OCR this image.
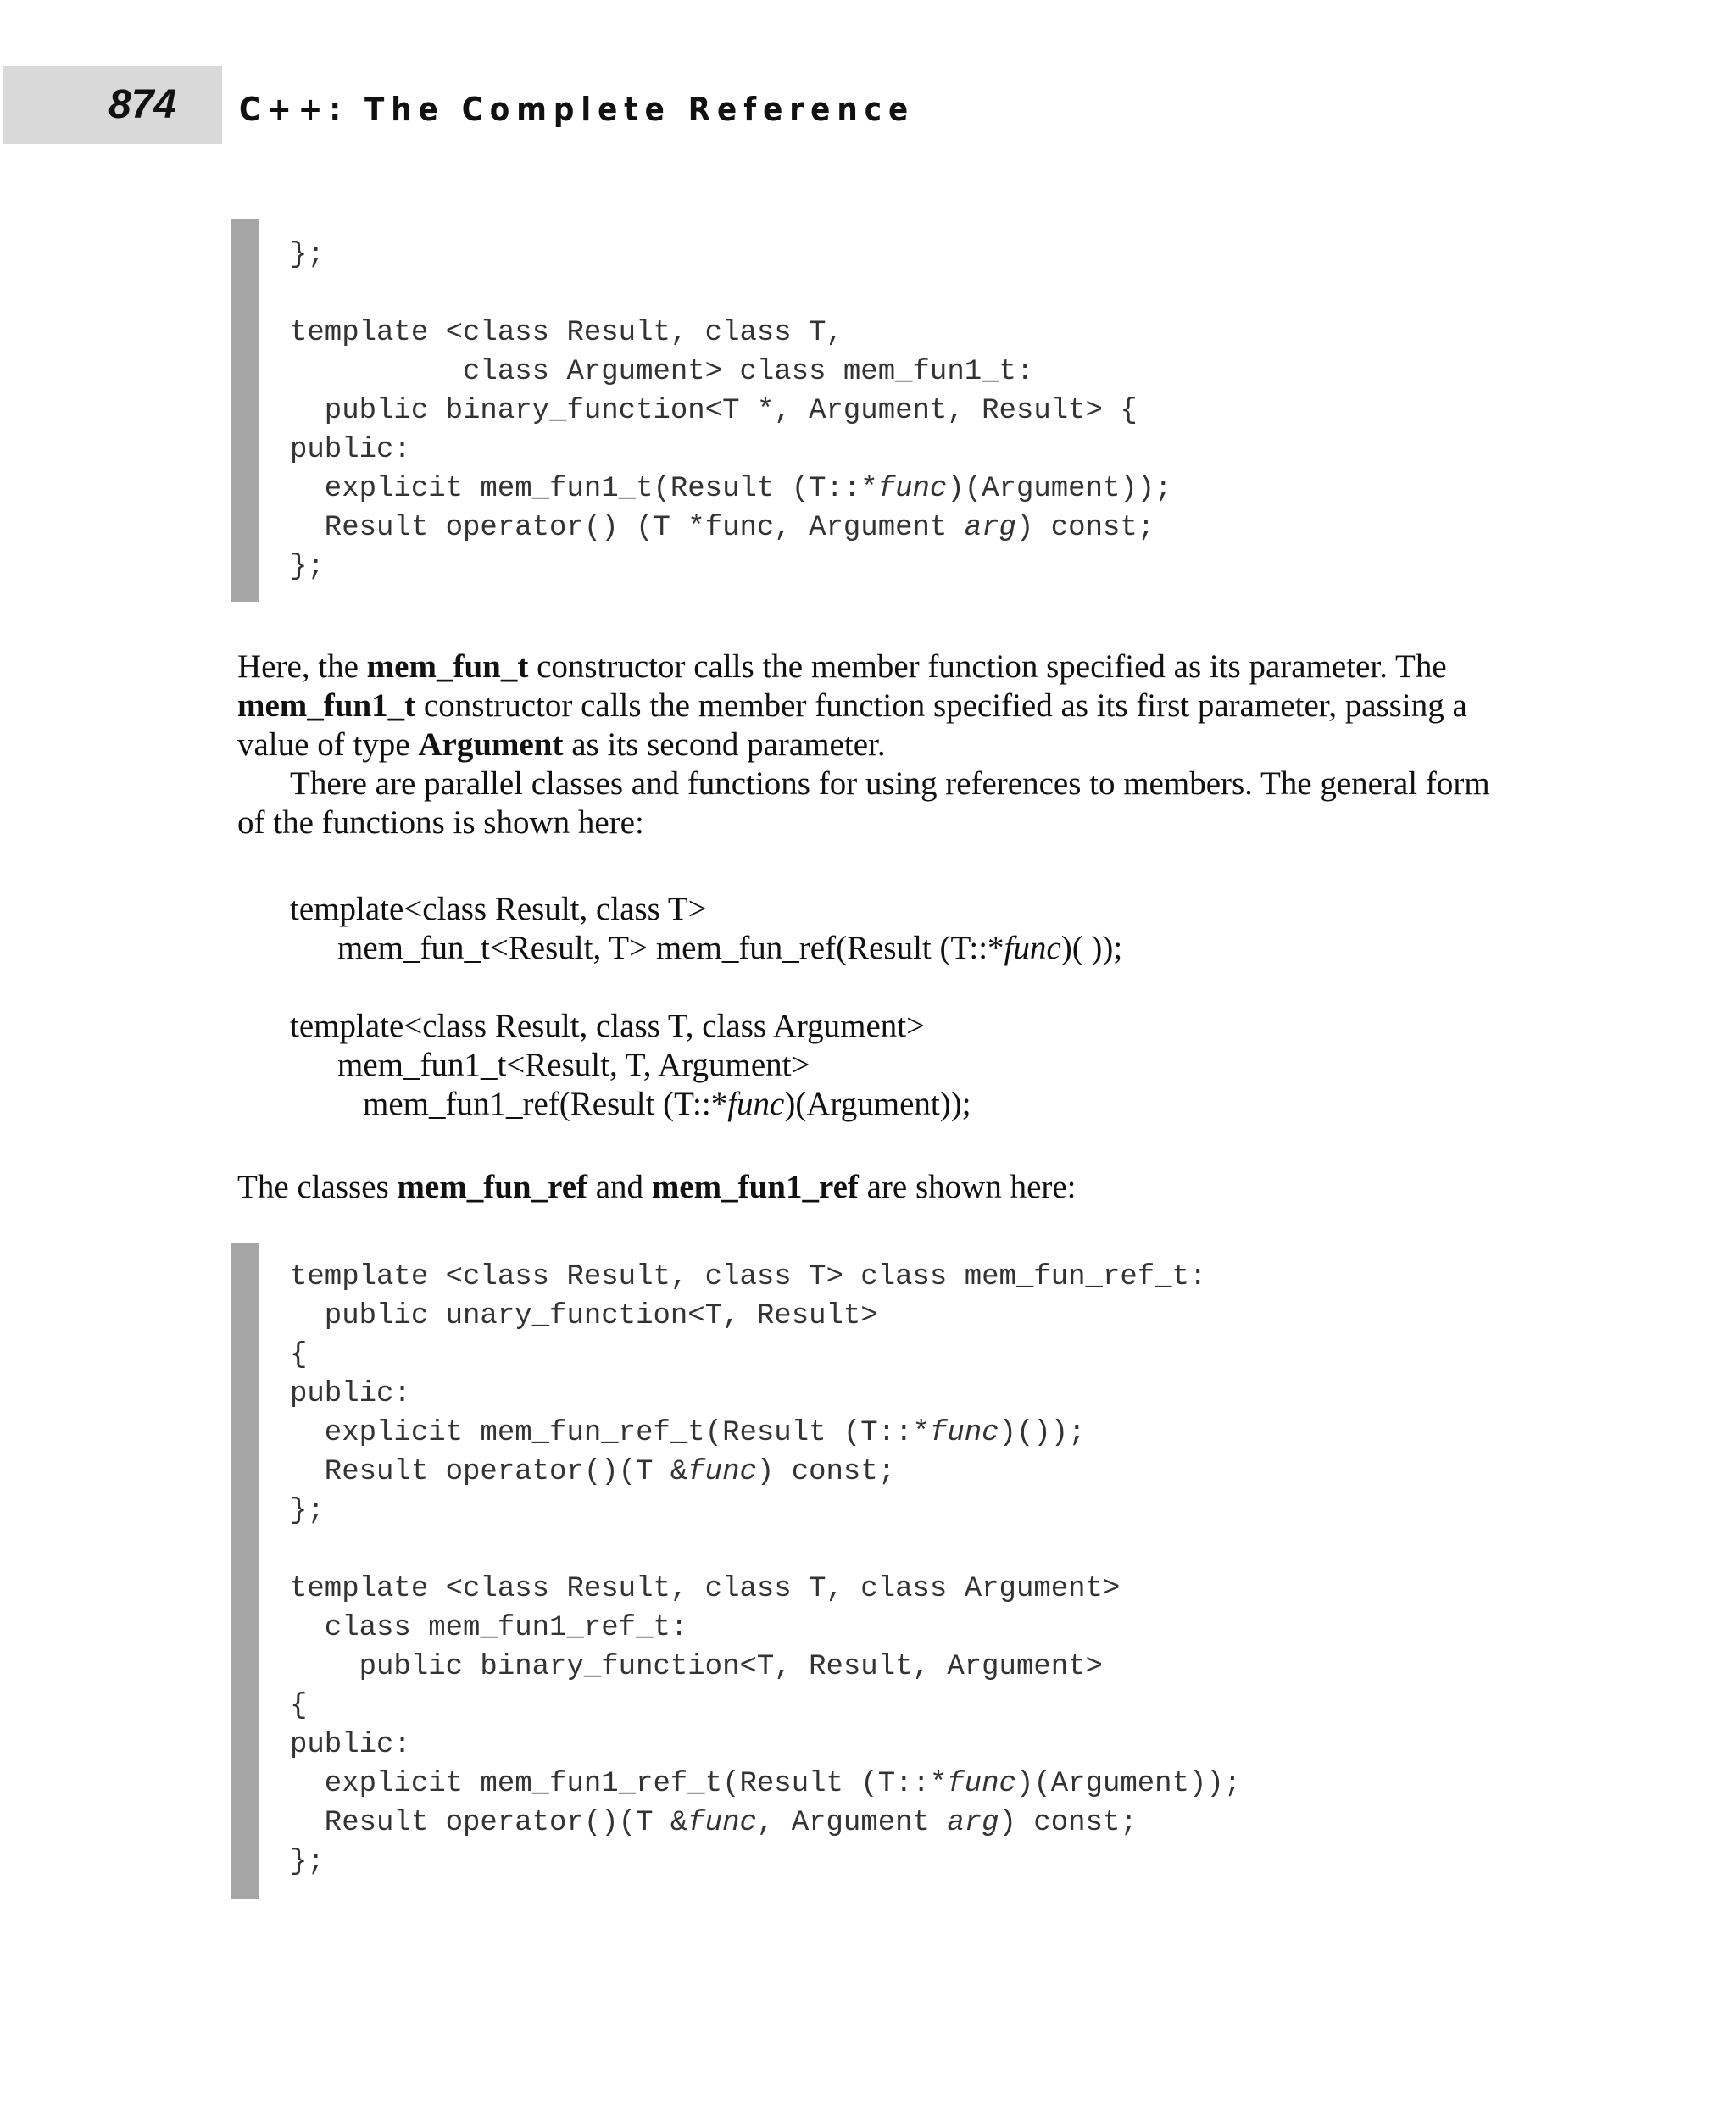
874 C++: The Complete Reference
};
template <class Result, class T,
class Argument> class mem_fun1_t:
public binary_function<T *, Argument, Result> {
public:
explicit mem_fun1_t(Result (T::*func)(Argument));
Result operator() (T *func, Argument arg) const;
};

Here, the mem_fun_t constructor calls the member function specified as its parameter. The mem_fun1_t constructor calls the member function specified as its first parameter, passing a value of type Argument as its second parameter.

There are parallel classes and functions for using references to members. The general form of the functions is shown here:

template<class Result, class T>
mem_fun_t<Result, T> mem_fun_ref(Result (T::*func)( ));
template<class Result, class T, class Argument>
mem_fun1_t<Result, T, Argument>
mem_fun1_ref(Result (T::*func)(Argument));

The classes mem_fun_ref and mem_fun1_ref are shown here:

template <class Result, class T> class mem_fun_ref_t:
public unary_function<T, Result>
{
public:
explicit mem_fun_ref_t(Result (T::*func)());
Result operator()(T &func) const;
};
template <class Result, class T, class Argument>
class mem_fun1_ref_t:
public binary_function<T, Result, Argument>
{
public:
explicit mem_fun1_ref_t(Result (T::*func)(Argument));
Result operator()(T &func, Argument arg) const;
};
